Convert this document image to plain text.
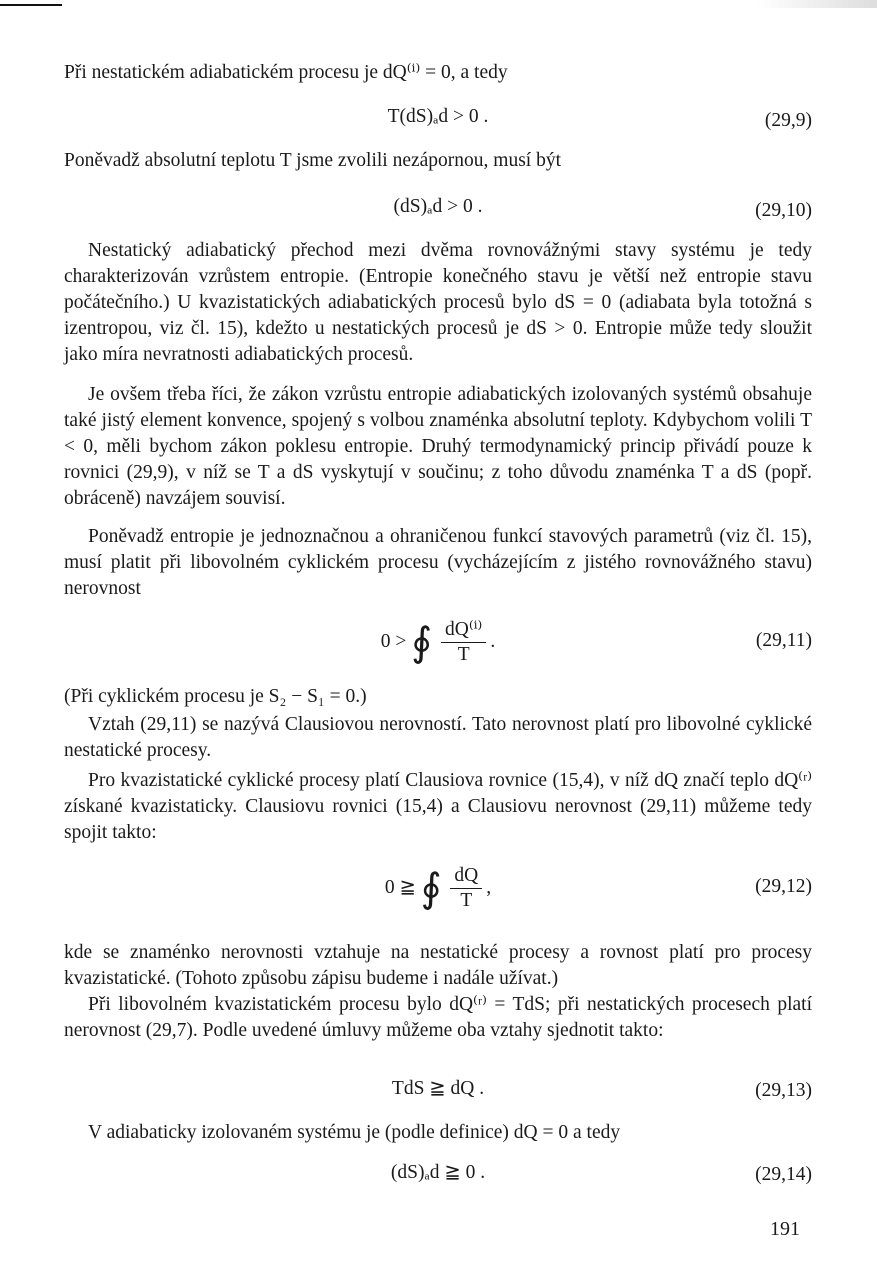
Při nestatickém adiabatickém procesu je dQ⁽ⁱ⁾ = 0, a tedy

T(dS)ₐd > 0 .	(29,9)

Poněvadž absolutní teplotu T jsme zvolili nezápornou, musí být

(dS)ₐd > 0 .	(29,10)

Nestatický adiabatický přechod mezi dvěma rovnovážnými stavy systému je tedy charakterizován vzrůstem entropie. (Entropie konečného stavu je větší než entropie stavu počátečního.) U kvazistatických adiabatických procesů bylo dS = 0 (adiabata byla totožná s izentropou, viz čl. 15), kdežto u nestatických procesů je dS > 0. Entropie může tedy sloužit jako míra nevratnosti adiabatických procesů.

Je ovšem třeba říci, že zákon vzrůstu entropie adiabatických izolovaných systémů obsahuje také jistý element konvence, spojený s volbou znaménka absolutní teploty. Kdybychom volili T < 0, měli bychom zákon poklesu entropie. Druhý termodynamický princip přivádí pouze k rovnici (29,9), v níž se T a dS vyskytují v součinu; z toho důvodu znaménka T a dS (popř. obráceně) navzájem souvisí.

Poněvadž entropie je jednoznačnou a ohraničenou funkcí stavových parametrů (viz čl. 15), musí platit při libovolném cyklickém procesu (vycházejícím z jistého rovnovážného stavu) nerovnost

0 > ∮ $\frac{\text{dQ⁽ⁱ⁾}}{T}$ .	(29,11)

(Při cyklickém procesu je S₂ − S₁ = 0.)

Vztah (29,11) se nazývá Clausiovou nerovností. Tato nerovnost platí pro libovolné cyklické nestatické procesy.

Pro kvazistatické cyklické procesy platí Clausiova rovnice (15,4), v níž dQ značí teplo dQ⁽ʳ⁾ získané kvazistaticky. Clausiovu rovnici (15,4) a Clausiovu nerovnost (29,11) můžeme tedy spojit takto:

0 ≧ ∮ $\frac{dQ}{T}$ ,	(29,12)

kde se znaménko nerovnosti vztahuje na nestatické procesy a rovnost platí pro procesy kvazistatické. (Tohoto způsobu zápisu budeme i nadále užívat.)

Při libovolném kvazistatickém procesu bylo dQ⁽ʳ⁾ = TdS; při nestatických procesech platí nerovnost (29,7). Podle uvedené úmluvy můžeme oba vztahy sjednotit takto:

TdS ≧ dQ .	(29,13)

V adiabaticky izolovaném systému je (podle definice) dQ = 0 a tedy

(dS)ₐd ≧ 0 .	(29,14)
191
